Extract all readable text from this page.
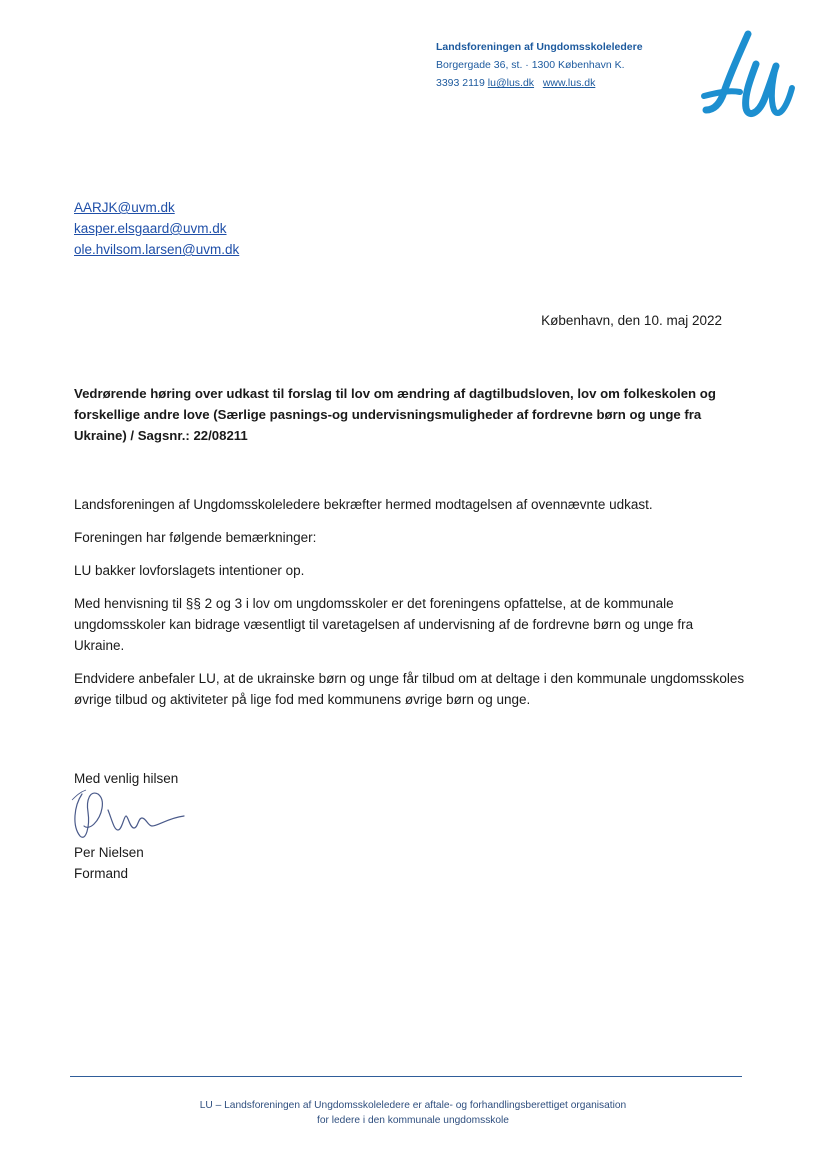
Landsforeningen af Ungdomsskoleledere
Borgergade 36, st. · 1300 København K.
3393 2119 lu@lus.dk www.lus.dk
AARJK@uvm.dk
kasper.elsgaard@uvm.dk
ole.hvilsom.larsen@uvm.dk
København, den 10. maj 2022
Vedrørende høring over udkast til forslag til lov om ændring af dagtilbudsloven, lov om folkeskolen og forskellige andre love (Særlige pasnings-og undervisningsmuligheder af fordrevne børn og unge fra Ukraine) / Sagsnr.: 22/08211

Landsforeningen af Ungdomsskoleledere bekræfter hermed modtagelsen af ovennævnte udkast.

Foreningen har følgende bemærkninger:

LU bakker lovforslagets intentioner op.

Med henvisning til §§ 2 og 3 i lov om ungdomsskoler er det foreningens opfattelse, at de kommunale ungdomsskoler kan bidrage væsentligt til varetagelsen af undervisning af de fordrevne børn og unge fra Ukraine.

Endvidere anbefaler LU, at de ukrainske børn og unge får tilbud om at deltage i den kommunale ungdomsskoles øvrige tilbud og aktiviteter på lige fod med kommunens øvrige børn og unge.

Med venlig hilsen
Per Nielsen
Formand
LU – Landsforeningen af Ungdomsskoleledere er aftale- og forhandlingsberettiget organisation
for ledere i den kommunale ungdomsskole
